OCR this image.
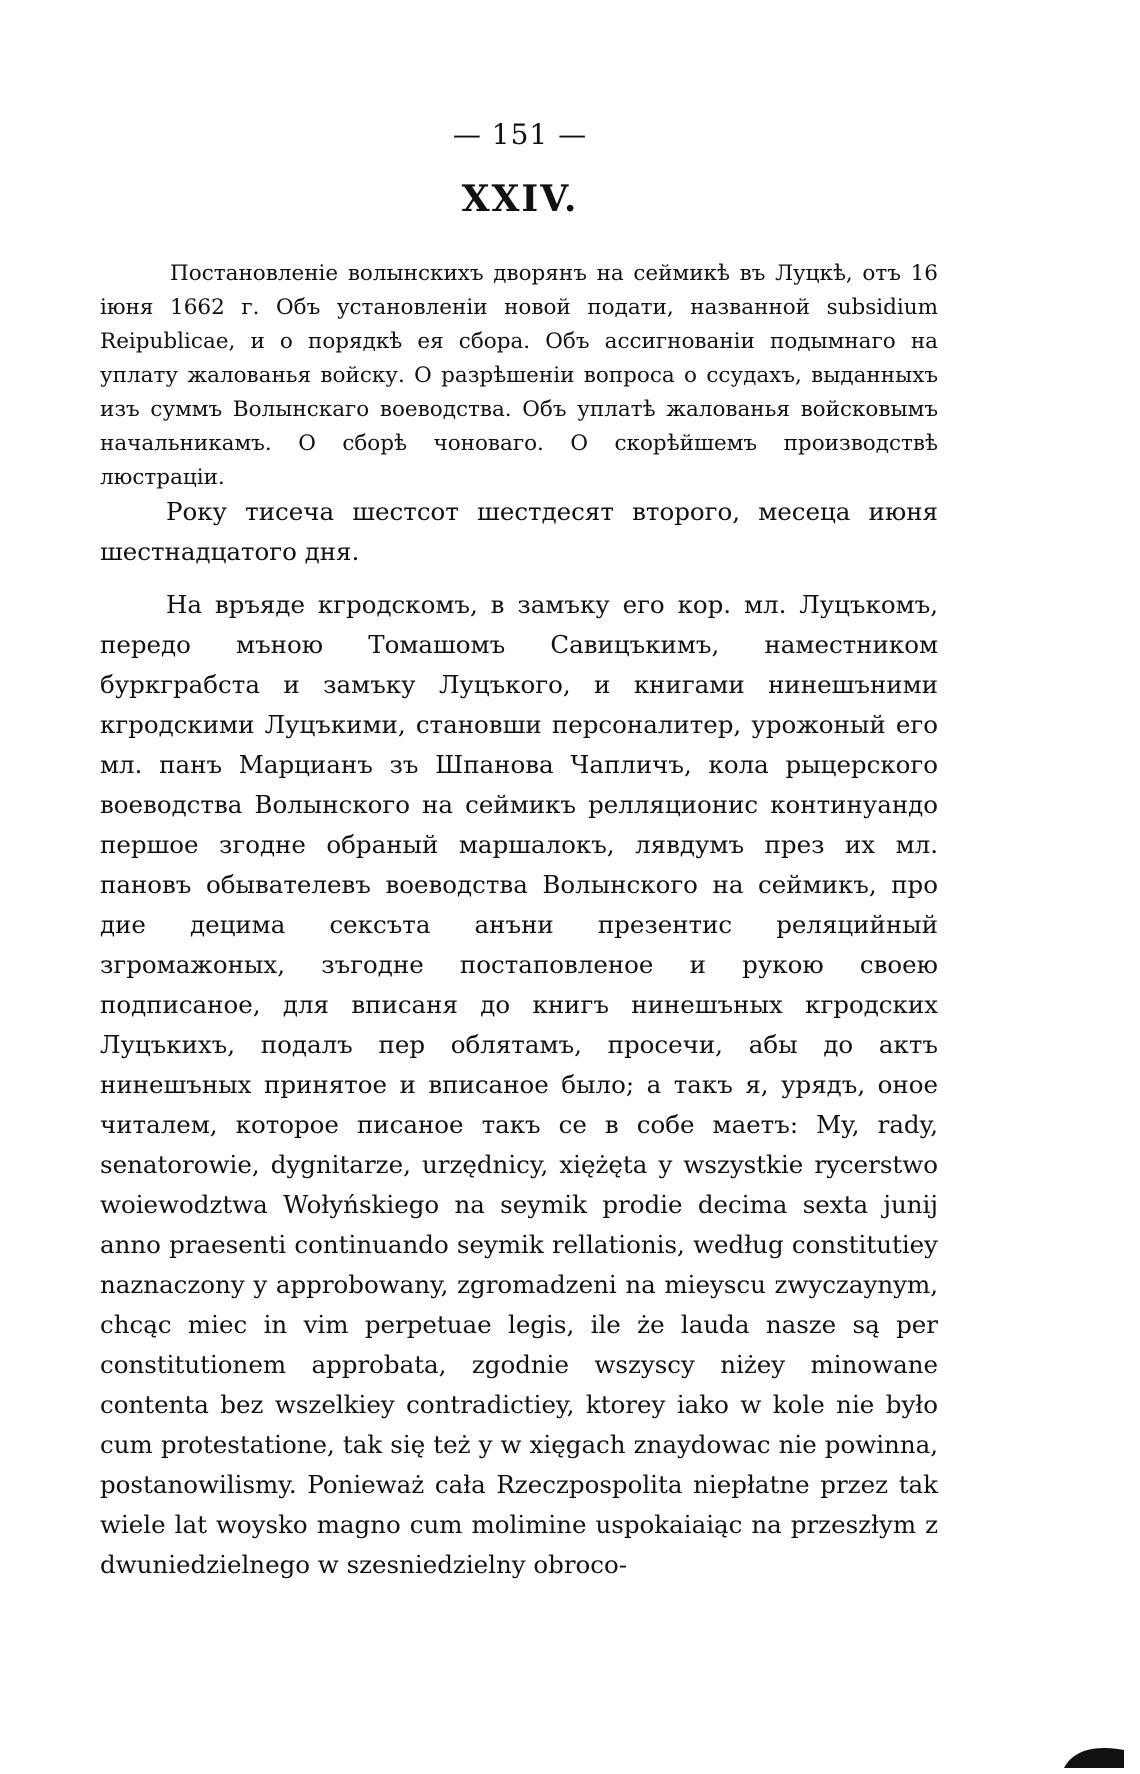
— 151 —
XXIV.

Постановленіе волынскихъ дворянъ на сеймикѣ въ Луцкѣ, отъ 16 іюня 1662 г. Объ установленіи новой подати, названной subsidium Reipublicae, и о порядкѣ ея сбора. Объ ассигнованіи подымнаго на уплату жалованья войску. О разрѣшеніи вопроса о ссудахъ, выданныхъ изъ суммъ Волынскаго воеводства. Объ уплатѣ жалованья войсковымъ начальникамъ. О сборѣ чоноваго. О скорѣйшемъ производствѣ люстраціи.

Року тисеча шестсот шестдесят второго, месеца июня шестнадцатого дня.

На връяде кгродскомъ, в замъку его кор. мл. Луцъкомъ, передо мъною Томашомъ Савицъкимъ, наместником буркграбста и замъку Луцъкого, и книгами нинешъними кгродскими Луцъкими, становши персоналитер, урожоный его мл. панъ Марцианъ зъ Шпанова Чапличъ, кола рыцерского воеводства Волынского на сеймикъ релляционис континуандо першое згодне обраный маршалокъ, лявдумъ през их мл. пановъ обывателевъ воеводства Волынского на сеймикъ, про дие децима сексъта анъни презентис реляцийный згромажоных, зъгодне постаповленое и рукою своею подписаное, для вписаня до книгъ нинешъных кгродских Луцъкихъ, подалъ пер облятамъ, просечи, абы до актъ нинешъных принятое и вписаное было; а такъ я, урядъ, оное читалем, которое писаное такъ се в собе маетъ: My, rady, senatorowie, dygnitarze, urzędnicy, xiężęta y wszystkie rycerstwo woiewodztwa Wołyńskiego na seymik prodie decima sexta junij anno praesenti continuando seymik rellationis, według constitutiey naznaczony y approbowany, zgromadzeni na mieyscu zwyczaynym, chcąc miec in vim perpetuae legis, ile że lauda nasze są per constitutionem approbata, zgodnie wszyscy niżey minowane contenta bez wszelkiey contradictiey, ktorey iako w kole nie było cum protestatione, tak się też y w xięgach znaydowac nie powinna, postanowilismy. Ponieważ cała Rzeczpospolita niepłatne przez tak wiele lat woysko magno cum molimine uspokaiaiąc na przeszłym z dwuniedzielnego w szesniedzielny obroco-
